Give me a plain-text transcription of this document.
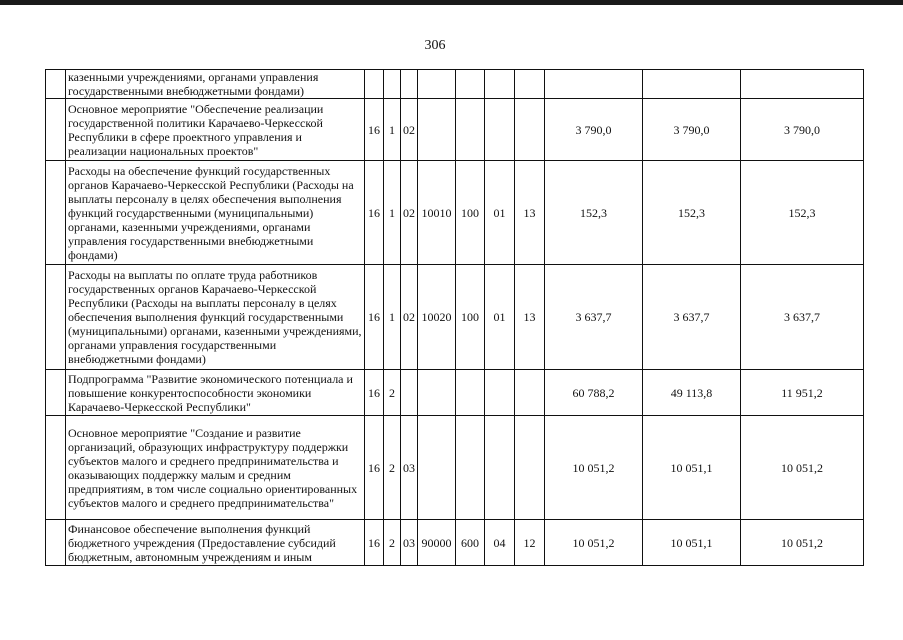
306
	казенными учреждениями, органами управления государственными внебюджетными фондами)										
	Основное мероприятие "Обеспечение реализации государственной политики Карачаево-Черкесской Республики в сфере проектного управления и реализации национальных проектов"	16	1	02					3 790,0	3 790,0	3 790,0
	Расходы на обеспечение функций государственных органов Карачаево-Черкесской Республики (Расходы на выплаты персоналу в целях обеспечения выполнения функций государственными (муниципальными) органами, казенными учреждениями, органами управления государственными внебюджетными фондами)	16	1	02	10010	100	01	13	152,3	152,3	152,3
	Расходы на выплаты по оплате труда работников государственных органов Карачаево-Черкесской Республики (Расходы на выплаты персоналу в целях обеспечения выполнения функций государственными (муниципальными) органами, казенными учреждениями, органами управления государственными внебюджетными фондами)	16	1	02	10020	100	01	13	3 637,7	3 637,7	3 637,7
	Подпрограмма "Развитие экономического потенциала и повышение конкурентоспособности экономики Карачаево-Черкесской Республики"	16	2						60 788,2	49 113,8	11 951,2
	Основное мероприятие "Создание и развитие организаций, образующих инфраструктуру поддержки субъектов малого и среднего предпринимательства и оказывающих поддержку малым и средним предприятиям, в том числе социально ориентированных субъектов малого и среднего предпринимательства"	16	2	03					10 051,2	10 051,1	10 051,2
	Финансовое обеспечение выполнения функций бюджетного учреждения (Предоставление субсидий бюджетным, автономным учреждениям и иным	16	2	03	90000	600	04	12	10 051,2	10 051,1	10 051,2
